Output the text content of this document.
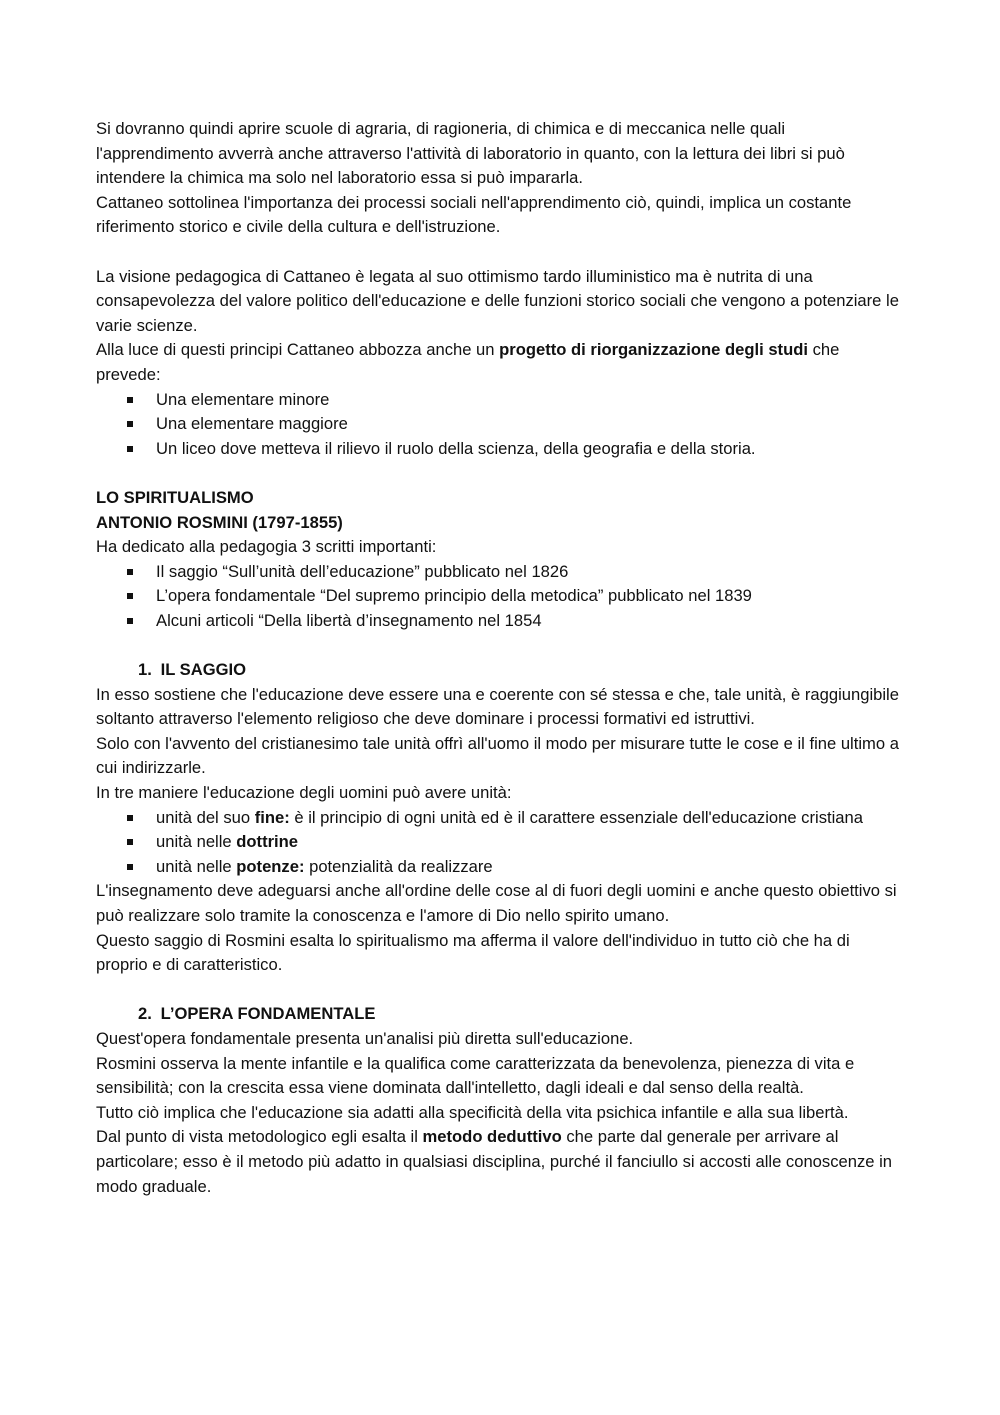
Si dovranno quindi aprire scuole di agraria, di ragioneria, di chimica e di meccanica nelle quali l'apprendimento avverrà anche attraverso l'attività di laboratorio in quanto, con la lettura dei libri si può intendere la chimica ma solo nel laboratorio essa si può impararla.

Cattaneo sottolinea l'importanza dei processi sociali nell'apprendimento ciò, quindi, implica un costante riferimento storico e civile della cultura e dell'istruzione.

La visione pedagogica di Cattaneo è legata al suo ottimismo tardo illuministico ma è nutrita di una consapevolezza del valore politico dell'educazione e delle funzioni storico sociali che vengono a potenziare le varie scienze.

Alla luce di questi principi Cattaneo abbozza anche un progetto di riorganizzazione degli studi che prevede:

Una elementare minore
Una elementare maggiore
Un liceo dove metteva il rilievo il ruolo della scienza, della geografia e della storia.

LO SPIRITUALISMO

ANTONIO ROSMINI (1797-1855)

Ha dedicato alla pedagogia 3 scritti importanti:

Il saggio “Sull’unità dell’educazione” pubblicato nel 1826
L’opera fondamentale “Del supremo principio della metodica” pubblicato nel 1839
Alcuni articoli “Della libertà d’insegnamento nel 1854

1. IL SAGGIO

In esso sostiene che l'educazione deve essere una e coerente con sé stessa e che, tale unità, è raggiungibile soltanto attraverso l'elemento religioso che deve dominare i processi formativi ed istruttivi.

Solo con l'avvento del cristianesimo tale unità offrì all'uomo il modo per misurare tutte le cose e il fine ultimo a cui indirizzarle.

In tre maniere l'educazione degli uomini può avere unità:

unità del suo fine: è il principio di ogni unità ed è il carattere essenziale dell'educazione cristiana
unità nelle dottrine
unità nelle potenze: potenzialità da realizzare

L'insegnamento deve adeguarsi anche all'ordine delle cose al di fuori degli uomini e anche questo obiettivo si può realizzare solo tramite la conoscenza e l'amore di Dio nello spirito umano.

Questo saggio di Rosmini esalta lo spiritualismo ma afferma il valore dell'individuo in tutto ciò che ha di proprio e di caratteristico.

2. L’OPERA FONDAMENTALE

Quest'opera fondamentale presenta un'analisi più diretta sull'educazione.

Rosmini osserva la mente infantile e la qualifica come caratterizzata da benevolenza, pienezza di vita e sensibilità; con la crescita essa viene dominata dall'intelletto, dagli ideali e dal senso della realtà.

Tutto ciò implica che l'educazione sia adatti alla specificità della vita psichica infantile e alla sua libertà.

Dal punto di vista metodologico egli esalta il metodo deduttivo che parte dal generale per arrivare al particolare; esso è il metodo più adatto in qualsiasi disciplina, purché il fanciullo si accosti alle conoscenze in modo graduale.
